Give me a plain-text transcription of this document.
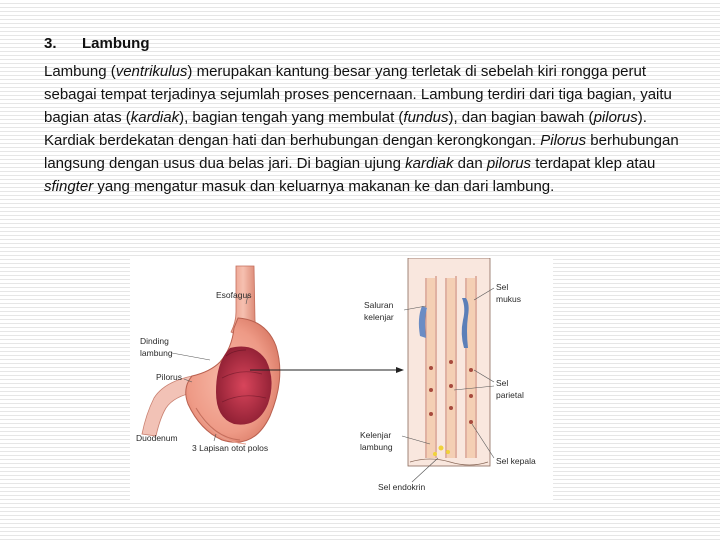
3. Lambung
Lambung (ventrikulus) merupakan kantung besar yang terletak di sebelah kiri rongga perut sebagai tempat terjadinya sejumlah proses pencernaan. Lambung terdiri dari tiga bagian, yaitu bagian atas (kardiak), bagian tengah yang membulat (fundus), dan bagian bawah (pilorus). Kardiak berdekatan dengan hati dan berhubungan dengan kerongkongan. Pilorus berhubungan langsung dengan usus dua belas jari. Di bagian ujung kardiak dan pilorus terdapat klep atau sfingter yang mengatur masuk dan keluarnya makanan ke dan dari lambung.
Esofagus
Dinding
lambung
Pilorus
Duodenum
3 Lapisan otot polos
Saluran
kelenjar
Kelenjar
lambung
Sel endokrin
Sel
mukus
Sel
parietal
Sel kepala
